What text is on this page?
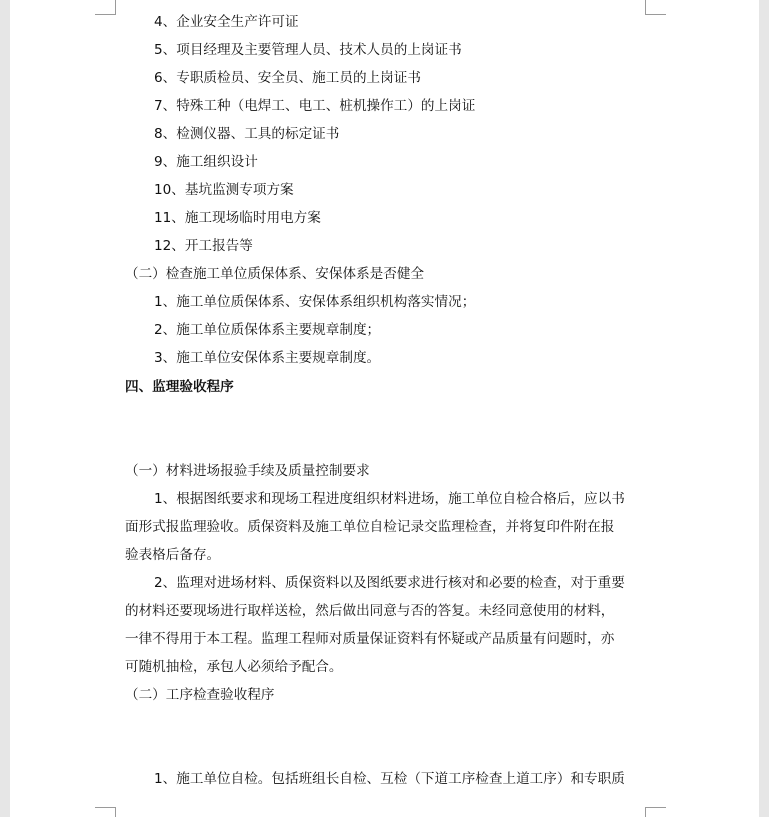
4、企业安全生产许可证
5、项目经理及主要管理人员、技术人员的上岗证书
6、专职质检员、安全员、施工员的上岗证书
7、特殊工种（电焊工、电工、桩机操作工）的上岗证
8、检测仪器、工具的标定证书
9、施工组织设计
10、基坑监测专项方案
11、施工现场临时用电方案
12、开工报告等
（二）检查施工单位质保体系、安保体系是否健全
1、施工单位质保体系、安保体系组织机构落实情况；
2、施工单位质保体系主要规章制度；
3、施工单位安保体系主要规章制度。
四、监理验收程序
（一）材料进场报验手续及质量控制要求
1、根据图纸要求和现场工程进度组织材料进场，施工单位自检合格后，应以书
面形式报监理验收。质保资料及施工单位自检记录交监理检查，并将复印件附在报
验表格后备存。
2、监理对进场材料、质保资料以及图纸要求进行核对和必要的检查，对于重要
的材料还要现场进行取样送检，然后做出同意与否的答复。未经同意使用的材料，
一律不得用于本工程。监理工程师对质量保证资料有怀疑或产品质量有问题时，亦
可随机抽检，承包人必须给予配合。
（二）工序检查验收程序
1、施工单位自检。包括班组长自检、互检（下道工序检查上道工序）和专职质
